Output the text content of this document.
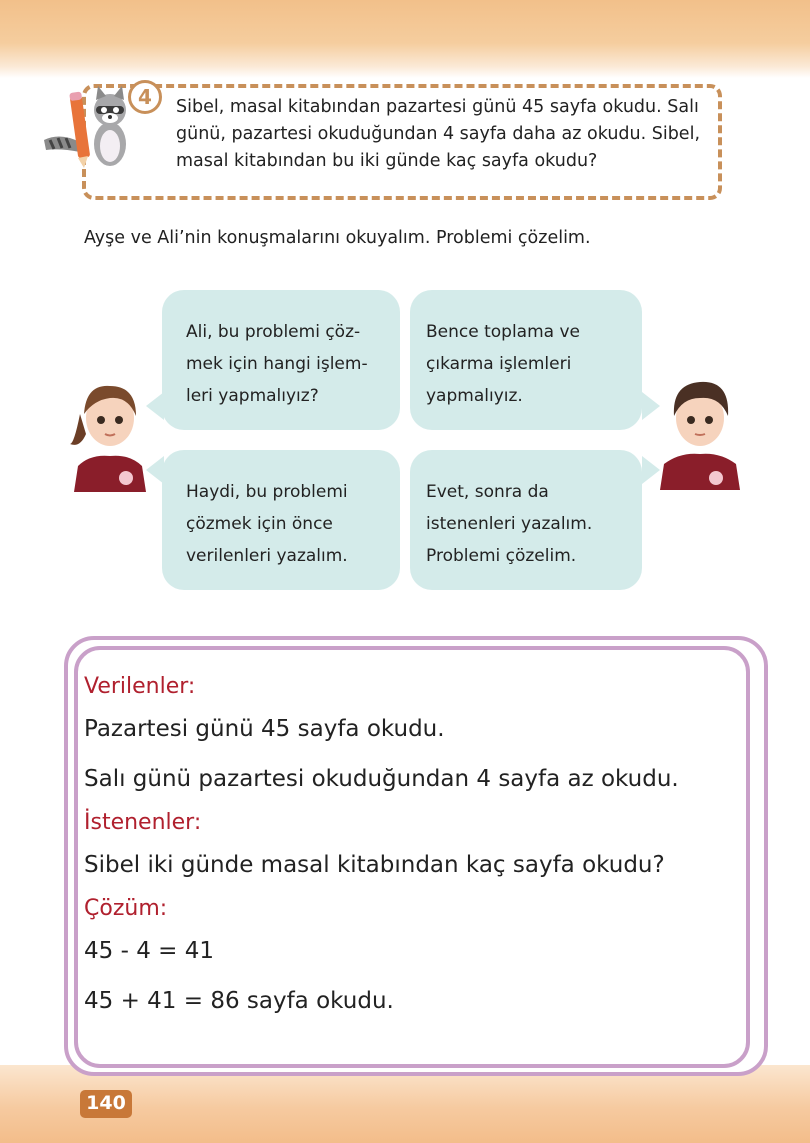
4	Sibel, masal kitabından pazartesi günü 45 sayfa okudu. Salı
günü, pazartesi okuduğundan 4 sayfa daha az okudu. Sibel,
masal kitabından bu iki günde kaç sayfa okudu?
Ayşe ve Ali’nin konuşmalarını okuyalım. Problemi çözelim.
Ali, bu problemi çöz-
mek için hangi işlem-
leri yapmalıyız?
Bence toplama ve
çıkarma işlemleri
yapmalıyız.
Haydi, bu problemi
çözmek için önce
verilenleri yazalım.
Evet, sonra da
istenenleri yazalım.
Problemi çözelim.
Verilenler:
Pazartesi günü 45 sayfa okudu.
Salı günü pazartesi okuduğundan 4 sayfa az okudu.
İstenenler:
Sibel iki günde masal kitabından kaç sayfa okudu?
Çözüm:
45 - 4 = 41
45 + 41 = 86 sayfa okudu.
140
